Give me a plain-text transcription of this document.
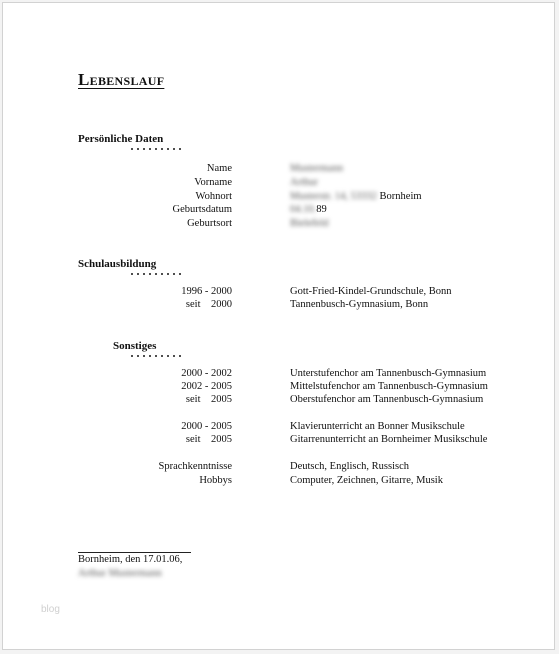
Lebenslauf
Persönliche Daten
Name	Mustermann
Vorname	Arthur
Wohnort	Musterstr. 14, 53332 Bornheim
Geburtsdatum	04.10.89
Geburtsort	Bielefeld
Schulausbildung
1996 - 2000	Gott-Fried-Kindel-Grundschule, Bonn
seit    2000	Tannenbusch-Gymnasium, Bonn
Sonstiges
2000 - 2002	Unterstufenchor am Tannenbusch-Gymnasium
2002 - 2005	Mittelstufenchor am Tannenbusch-Gymnasium
seit    2005	Oberstufenchor am Tannenbusch-Gymnasium
2000 - 2005	Klavierunterricht an Bonner Musikschule
seit    2005	Gitarrenunterricht an Bornheimer Musikschule
Sprachkenntnisse	Deutsch, Englisch, Russisch
Hobbys	Computer, Zeichnen, Gitarre, Musik
Bornheim, den 17.01.06,
Arthur Mustermann
blog
